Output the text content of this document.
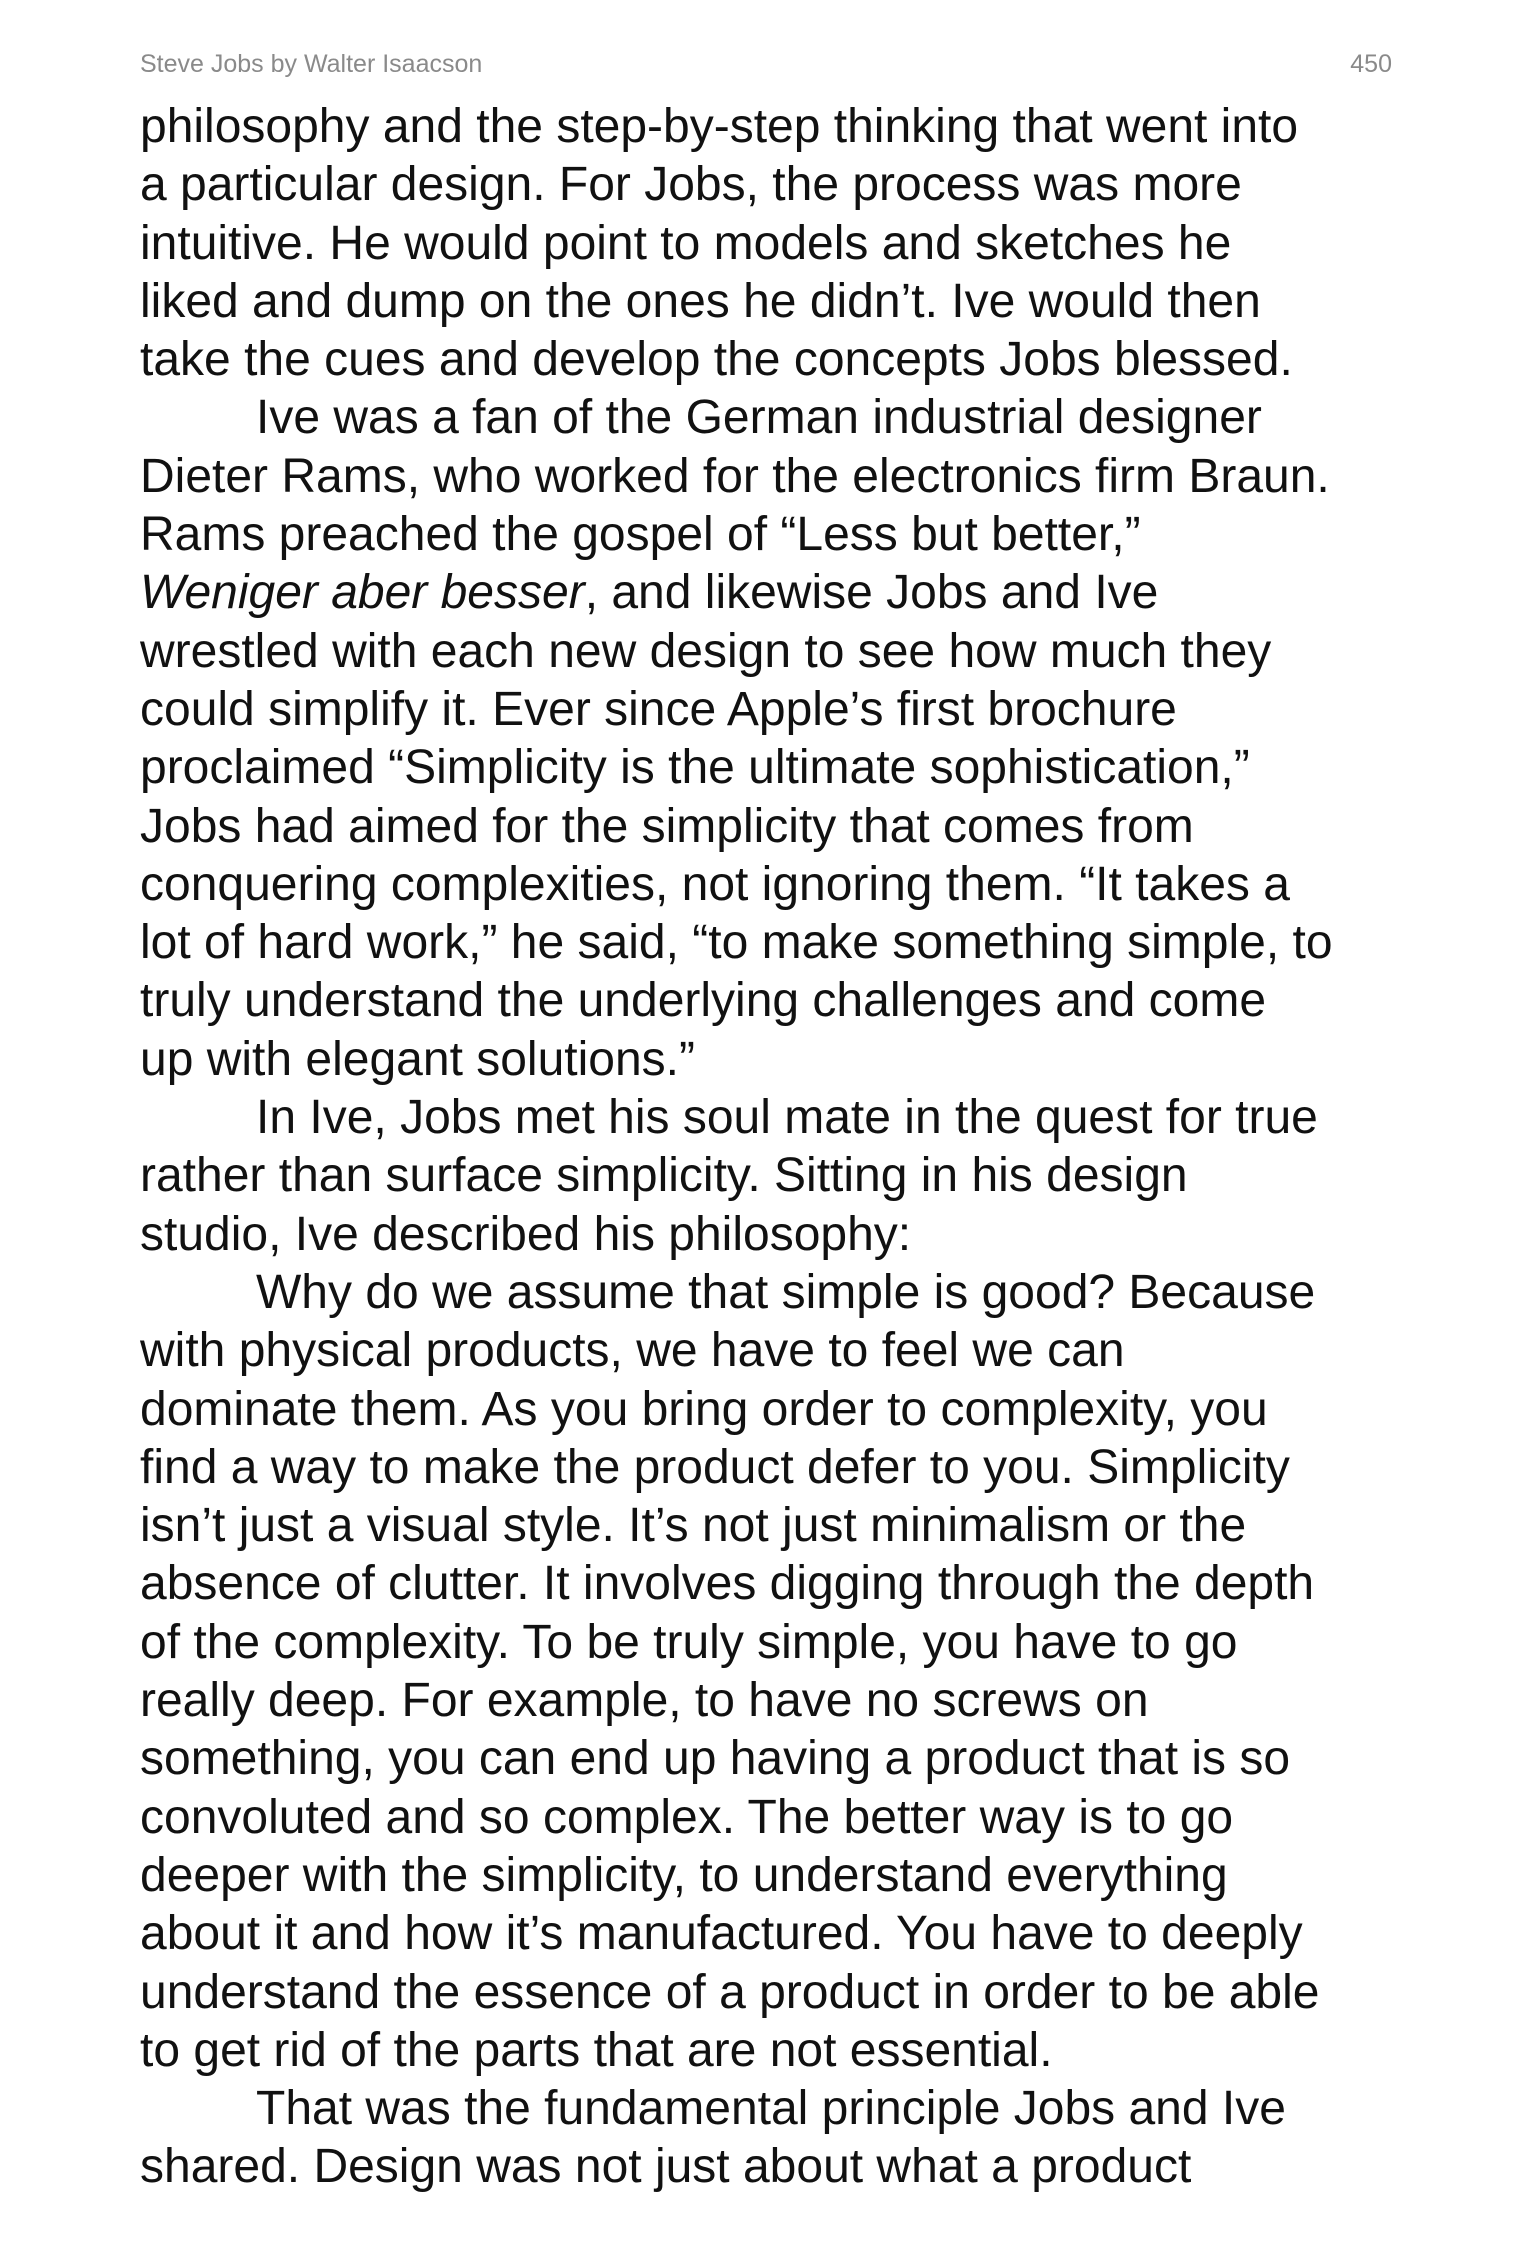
Steve Jobs by Walter Isaacson	450
philosophy and the step-by-step thinking that went into
a particular design. For Jobs, the process was more
intuitive. He would point to models and sketches he
liked and dump on the ones he didn’t. Ive would then
take the cues and develop the concepts Jobs blessed.
Ive was a fan of the German industrial designer
Dieter Rams, who worked for the electronics firm Braun.
Rams preached the gospel of “Less but better,”
Weniger aber besser, and likewise Jobs and Ive
wrestled with each new design to see how much they
could simplify it. Ever since Apple’s first brochure
proclaimed “Simplicity is the ultimate sophistication,”
Jobs had aimed for the simplicity that comes from
conquering complexities, not ignoring them. “It takes a
lot of hard work,” he said, “to make something simple, to
truly understand the underlying challenges and come
up with elegant solutions.”
In Ive, Jobs met his soul mate in the quest for true
rather than surface simplicity. Sitting in his design
studio, Ive described his philosophy:
Why do we assume that simple is good? Because
with physical products, we have to feel we can
dominate them. As you bring order to complexity, you
find a way to make the product defer to you. Simplicity
isn’t just a visual style. It’s not just minimalism or the
absence of clutter. It involves digging through the depth
of the complexity. To be truly simple, you have to go
really deep. For example, to have no screws on
something, you can end up having a product that is so
convoluted and so complex. The better way is to go
deeper with the simplicity, to understand everything
about it and how it’s manufactured. You have to deeply
understand the essence of a product in order to be able
to get rid of the parts that are not essential.
That was the fundamental principle Jobs and Ive
shared. Design was not just about what a product
